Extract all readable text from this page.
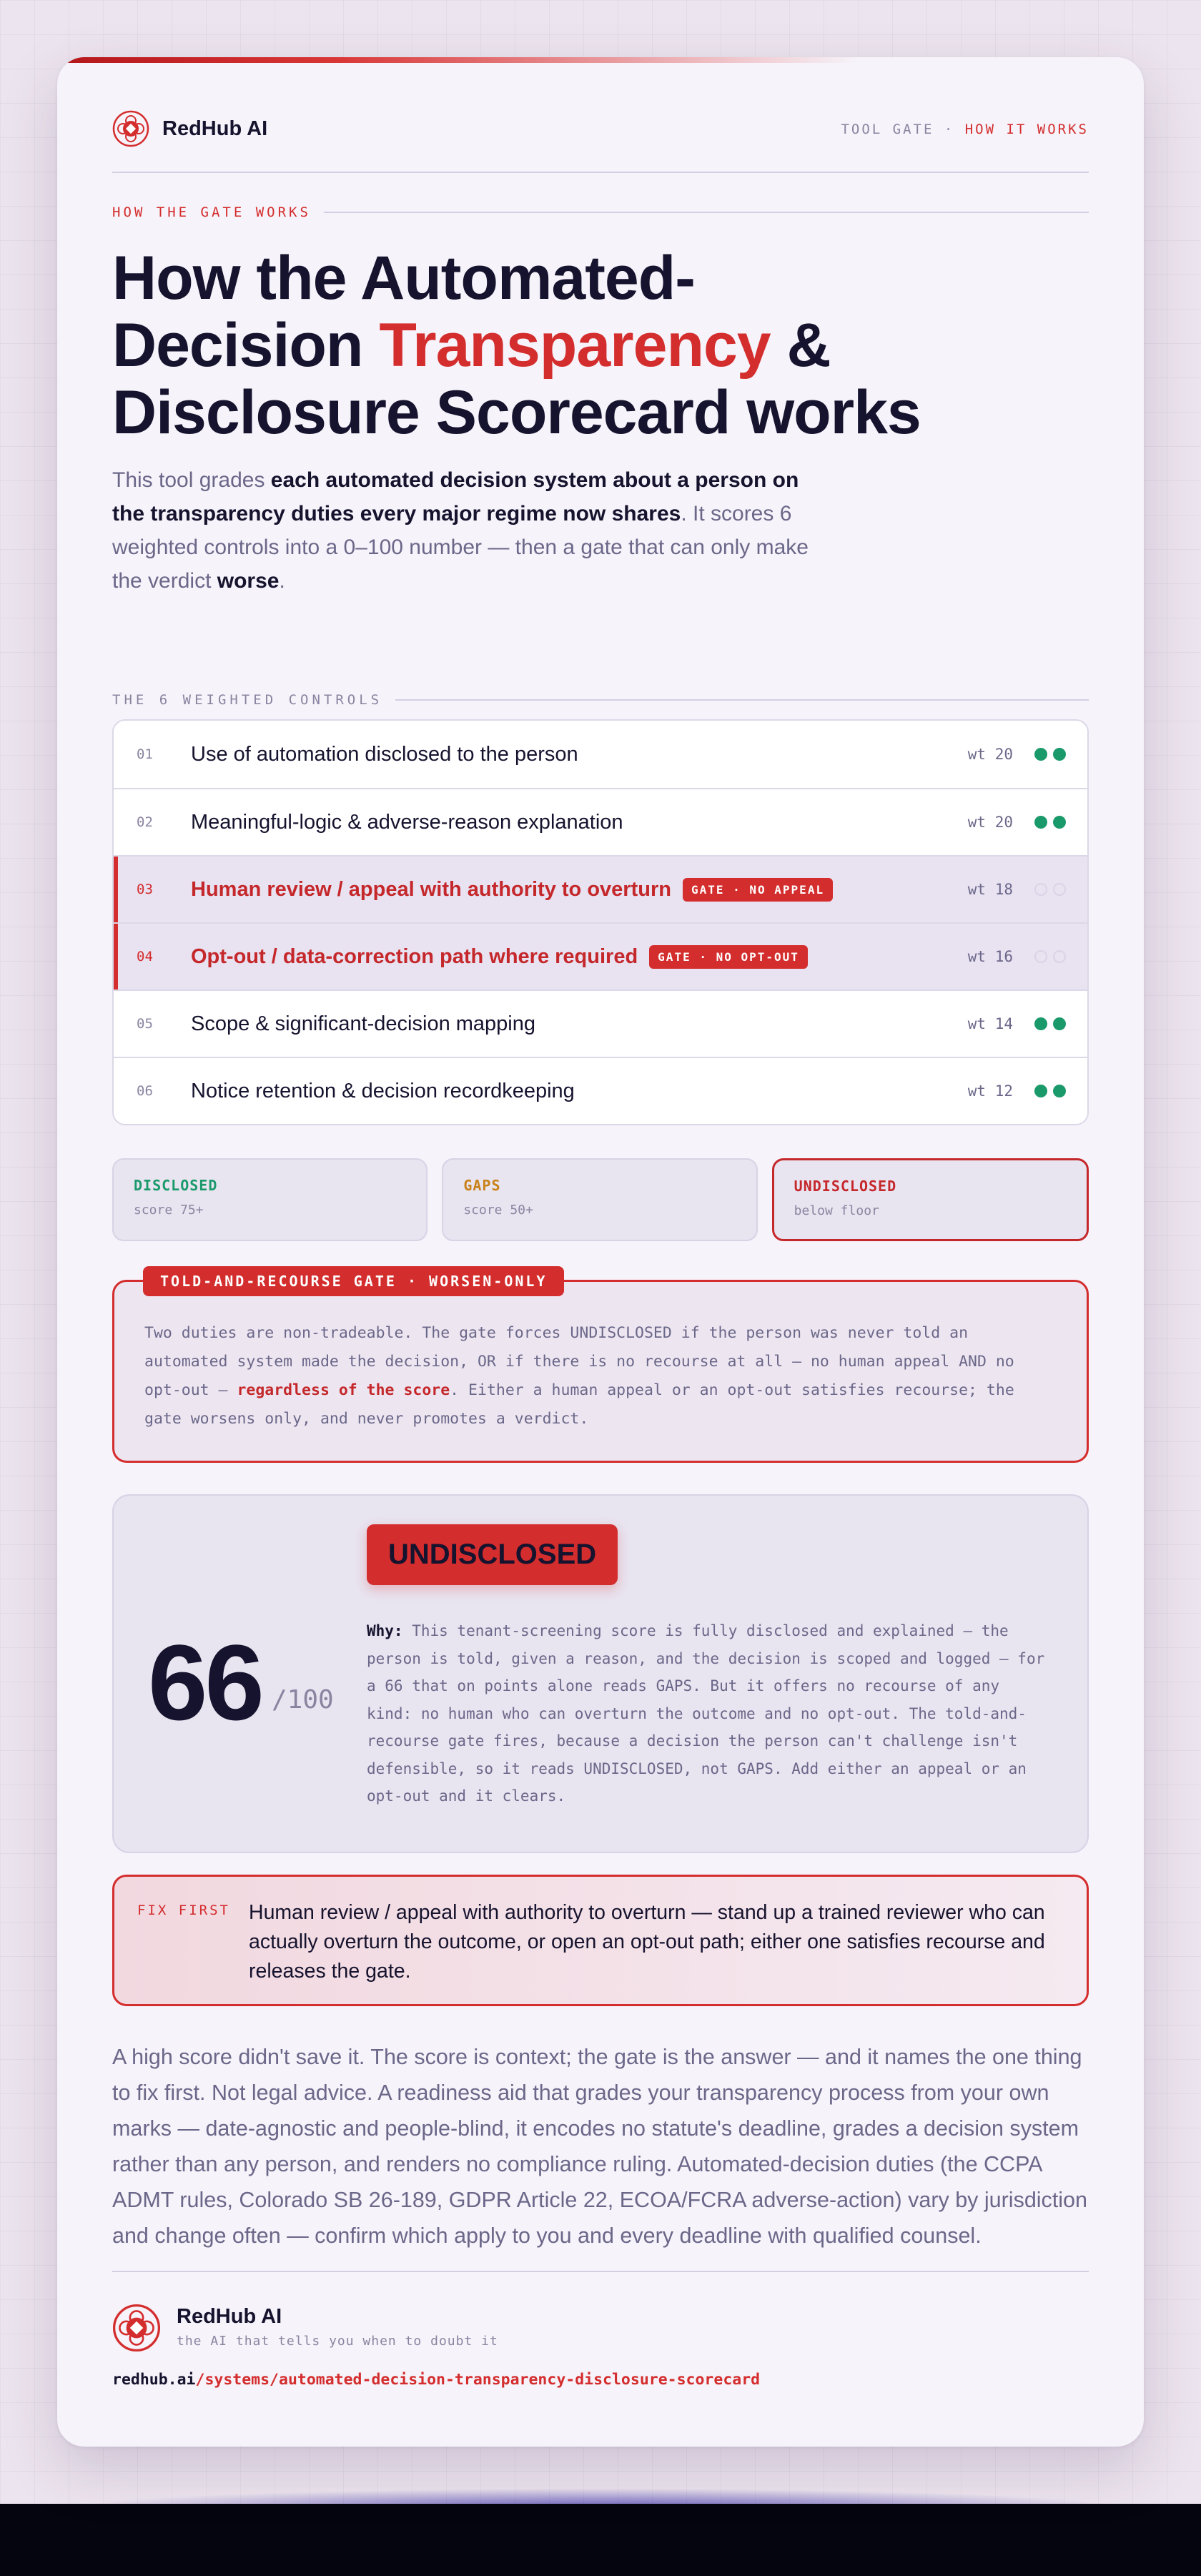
RedHub AI	TOOL GATE · HOW IT WORKS
HOW THE GATE WORKS
How the Automated-
Decision Transparency &
Disclosure Scorecard works

This tool grades each automated decision system about a person on the transparency duties every major regime now shares. It scores 6 weighted controls into a 0–100 number — then a gate that can only make the verdict worse.

THE 6 WEIGHTED CONTROLS
01 Use of automation disclosed to the person	wt 20
02 Meaningful-logic & adverse-reason explanation	wt 20
03 Human review / appeal with authority to overturn	GATE · NO APPEAL	wt 18
04 Opt-out / data-correction path where required	GATE · NO OPT-OUT	wt 16
05 Scope & significant-decision mapping	wt 14
06 Notice retention & decision recordkeeping	wt 12
DISCLOSED
score 75+
GAPS
score 50+
UNDISCLOSED
below floor
TOLD-AND-RECOURSE GATE · WORSEN-ONLY

Two duties are non-tradeable. The gate forces UNDISCLOSED if the person was never told an automated system made the decision, OR if there is no recourse at all — no human appeal AND no opt-out — regardless of the score. Either a human appeal or an opt-out satisfies recourse; the gate worsens only, and never promotes a verdict.

66 /100
UNDISCLOSED

Why: This tenant-screening score is fully disclosed and explained — the person is told, given a reason, and the decision is scoped and logged — for a 66 that on points alone reads GAPS. But it offers no recourse of any kind: no human who can overturn the outcome and no opt-out. The told-and-recourse gate fires, because a decision the person can't challenge isn't defensible, so it reads UNDISCLOSED, not GAPS. Add either an appeal or an opt-out and it clears.

FIX FIRST Human review / appeal with authority to overturn — stand up a trained reviewer who can actually overturn the outcome, or open an opt-out path; either one satisfies recourse and releases the gate.

A high score didn't save it. The score is context; the gate is the answer — and it names the one thing to fix first. Not legal advice. A readiness aid that grades your transparency process from your own marks — date-agnostic and people-blind, it encodes no statute's deadline, grades a decision system rather than any person, and renders no compliance ruling. Automated-decision duties (the CCPA ADMT rules, Colorado SB 26-189, GDPR Article 22, ECOA/FCRA adverse-action) vary by jurisdiction and change often — confirm which apply to you and every deadline with qualified counsel.

RedHub AI
the AI that tells you when to doubt it
redhub.ai/systems/automated-decision-transparency-disclosure-scorecard
